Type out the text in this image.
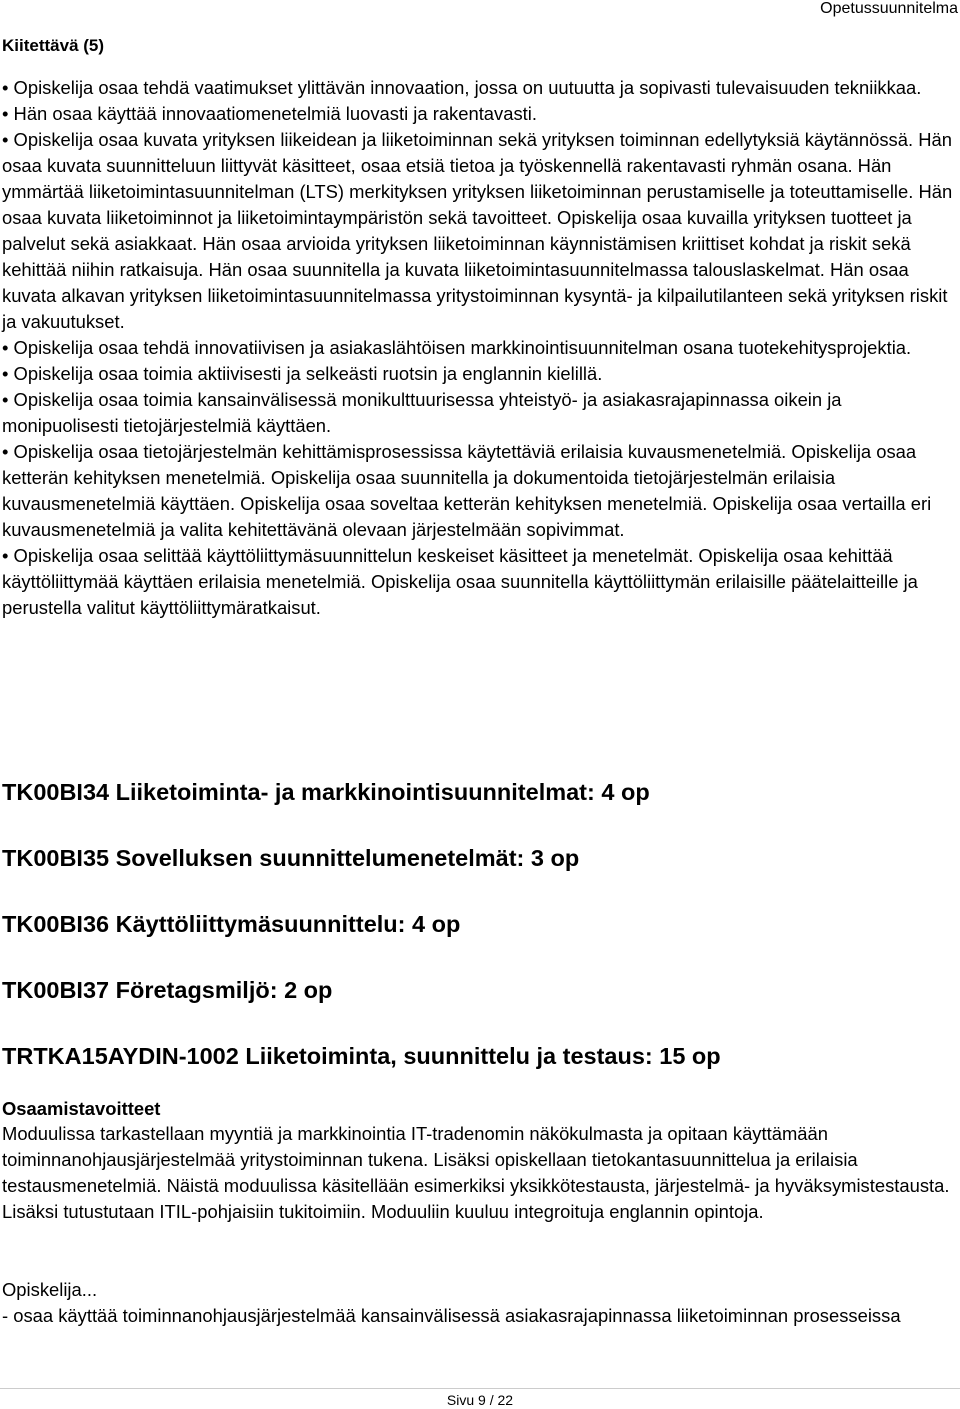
Opetussuunnitelma
Kiitettävä (5)

• Opiskelija osaa tehdä vaatimukset ylittävän innovaation, jossa on uutuutta ja sopivasti tulevaisuuden tekniikkaa.

• Hän osaa käyttää innovaatiomenetelmiä luovasti ja rakentavasti.

• Opiskelija osaa kuvata yrityksen liikeidean ja liiketoiminnan sekä yrityksen toiminnan edellytyksiä käytännössä. Hän osaa kuvata suunnitteluun liittyvät käsitteet, osaa etsiä tietoa ja työskennellä rakentavasti ryhmän osana. Hän ymmärtää liiketoimintasuunnitelman (LTS) merkityksen yrityksen liiketoiminnan perustamiselle ja toteuttamiselle. Hän osaa kuvata liiketoiminnot ja liiketoimintaympäristön sekä tavoitteet. Opiskelija osaa kuvailla yrityksen tuotteet ja palvelut sekä asiakkaat. Hän osaa arvioida yrityksen liiketoiminnan käynnistämisen kriittiset kohdat ja riskit sekä kehittää niihin ratkaisuja. Hän osaa suunnitella ja kuvata liiketoimintasuunnitelmassa talouslaskelmat. Hän osaa kuvata alkavan yrityksen liiketoimintasuunnitelmassa yritystoiminnan kysyntä- ja kilpailutilanteen sekä yrityksen riskit ja vakuutukset.

• Opiskelija osaa tehdä innovatiivisen ja asiakaslähtöisen markkinointisuunnitelman osana tuotekehitysprojektia.

• Opiskelija osaa toimia aktiivisesti ja selkeästi ruotsin ja englannin kielillä.

• Opiskelija osaa toimia kansainvälisessä monikulttuurisessa yhteistyö- ja asiakasrajapinnassa oikein ja monipuolisesti tietojärjestelmiä käyttäen.

• Opiskelija osaa tietojärjestelmän kehittämisprosessissa käytettäviä erilaisia kuvausmenetelmiä. Opiskelija osaa ketterän kehityksen menetelmiä. Opiskelija osaa suunnitella ja dokumentoida tietojärjestelmän erilaisia kuvausmenetelmiä käyttäen. Opiskelija osaa soveltaa ketterän kehityksen menetelmiä. Opiskelija osaa vertailla eri kuvausmenetelmiä ja valita kehitettävänä olevaan järjestelmään sopivimmat.

• Opiskelija osaa selittää käyttöliittymäsuunnittelun keskeiset käsitteet ja menetelmät. Opiskelija osaa kehittää käyttöliittymää käyttäen erilaisia menetelmiä. Opiskelija osaa suunnitella käyttöliittymän erilaisille päätelaitteille ja perustella valitut käyttöliittymäratkaisut.

TK00BI34 Liiketoiminta- ja markkinointisuunnitelmat: 4 op
TK00BI35 Sovelluksen suunnittelumenetelmät: 3 op
TK00BI36 Käyttöliittymäsuunnittelu: 4 op
TK00BI37 Företagsmiljö: 2 op
TRTKA15AYDIN-1002 Liiketoiminta, suunnittelu ja testaus: 15 op
Osaamistavoitteet

Moduulissa tarkastellaan myyntiä ja markkinointia IT-tradenomin näkökulmasta ja opitaan käyttämään toiminnanohjausjärjestelmää yritystoiminnan tukena. Lisäksi opiskellaan tietokantasuunnittelua ja erilaisia testausmenetelmiä. Näistä moduulissa käsitellään esimerkiksi yksikkötestausta, järjestelmä- ja hyväksymistestausta. Lisäksi tutustutaan ITIL-pohjaisiin tukitoimiin. Moduuliin kuuluu integroituja englannin opintoja.

Opiskelija...

- osaa käyttää toiminnanohjausjärjestelmää kansainvälisessä asiakasrajapinnassa liiketoiminnan prosesseissa

Sivu 9 / 22
